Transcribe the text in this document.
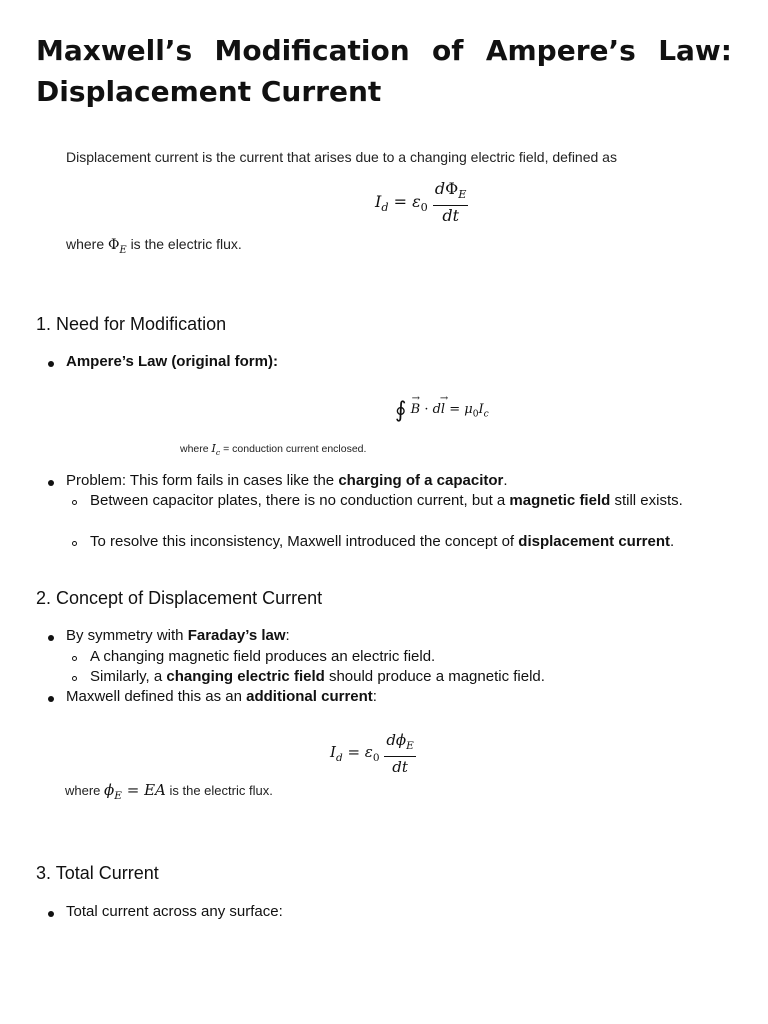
Maxwell’s Modification of Ampere’s Law: Displacement Current
Displacement current is the current that arises due to a changing electric field, defined as
$I_d = \varepsilon_0 \frac{d\Phi_E}{dt}$
where $\Phi_E$ is the electric flux.
1. Need for Modification
Ampere’s Law (original form):
∮ B
→
· dl
→
= $\mu_0I_c$
where $I_c$ = conduction current enclosed.
Problem: This form fails in cases like the charging of a capacitor.
Between capacitor plates, there is no conduction current, but a magnetic field still exists.
To resolve this inconsistency, Maxwell introduced the concept of displacement current.
2. Concept of Displacement Current
By symmetry with Faraday’s law:
A changing magnetic field produces an electric field.
Similarly, a changing electric field should produce a magnetic field.
Maxwell defined this as an additional current:
$I_d = \varepsilon_0 \frac{d\phi_E}{dt}$
where $\phi_E$ = EA is the electric flux.
3. Total Current
Total current across any surface:
